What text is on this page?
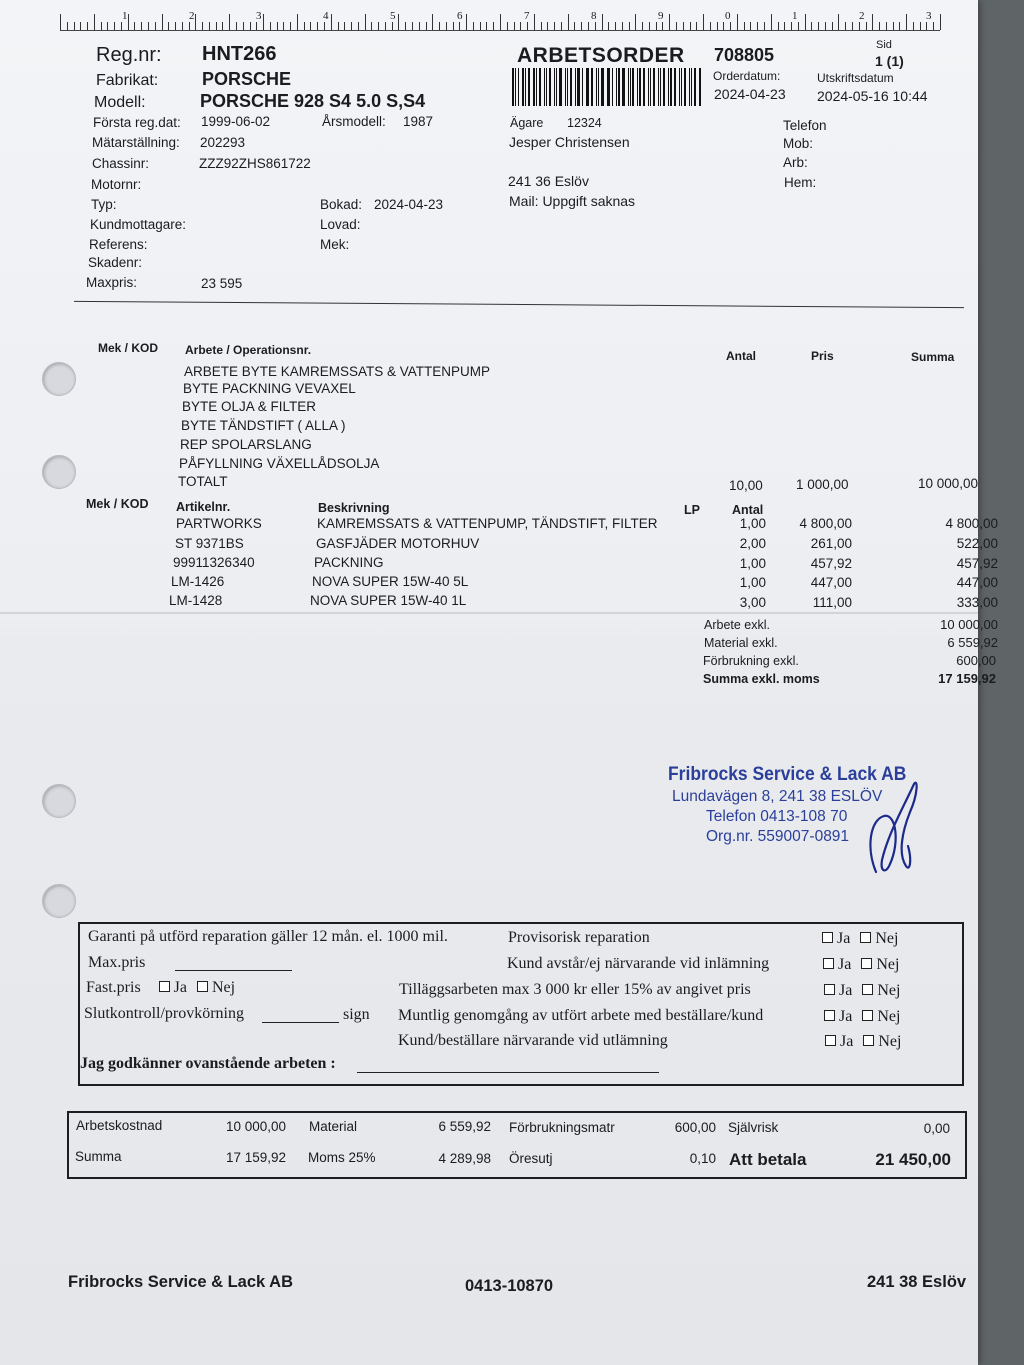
1	2	3	4	5	6	7	8	9	0	1	2	3
Reg.nr: HNT266
Fabrikat: PORSCHE
Modell:	PORSCHE 928 S4 5.0 S,S4
Första reg.dat: 1999-06-02	Årsmodell: 1987
Mätarställning: 202293
Chassinr:	ZZZ92ZHS861722
Motornr:
Typ:	Bokad: 2024-04-23
Kundmottagare:	Lovad:
Referens:	Mek:
Skadenr:
Maxpris:	23 595
ARBETSORDER 708805	Sid
1 (1)
Orderdatum:	Utskriftsdatum
2024-04-23 2024-05-16 10:44
Ägare 12324
Jesper Christensen
241 36 Eslöv
Mail: Uppgift saknas
Telefon
Mob:
Arb:
Hem:
Mek / KOD Arbete / Operationsnr.	Antal	Pris	Summa
ARBETE BYTE KAMREMSSATS & VATTENPUMP
BYTE PACKNING VEVAXEL
BYTE OLJA & FILTER
BYTE TÄNDSTIFT ( ALLA )
REP SPOLARSLANG
PÅFYLLNING VÄXELLÅDSOLJA
TOTALT	10,00 1 000,00	10 000,00
Mek / KOD Artikelnr.	Beskrivning	LP	Antal
PARTWORKS	KAMREMSSATS & VATTENPUMP, TÄNDSTIFT, FILTER	1,00	4 800,00	4 800,00
ST 9371BS	GASFJÄDER MOTORHUV	2,00	261,00	522,00
99911326340	PACKNING	1,00	457,92	457,92
LM-1426	NOVA SUPER 15W-40 5L	1,00	447,00	447,00
LM-1428	NOVA SUPER 15W-40 1L	3,00	111,00	333,00
Arbete exkl.	10 000,00
Material exkl.	6 559,92
Förbrukning exkl.	600,00
Summa exkl. moms	17 159,92
Fribrocks Service & Lack AB
Lundavägen 8, 241 38 ESLÖV
Telefon 0413-108 70
Org.nr. 559007-0891
Garanti på utförd reparation gäller 12 mån. el. 1000 mil.
Max.pris
Fast.pris Ja Nej
Slutkontroll/provkörning	sign
Jag godkänner ovanstående arbeten :
Provisorisk reparation
Kund avstår/ej närvarande vid inlämning
Tilläggsarbeten max 3 000 kr eller 15% av angivet pris
Muntlig genomgång av utfört arbete med beställare/kund
Kund/beställare närvarande vid utlämning
Ja Nej
Ja Nej
Ja Nej
Ja Nej
Ja Nej
Arbetskostnad	10 000,00 Material	6 559,92 Förbrukningsmatr	600,00 Självrisk	0,00
Summa	17 159,92 Moms 25%	4 289,98 Öresutj	0,10 Att betala	21 450,00
Fribrocks Service & Lack AB	0413-10870	241 38 Eslöv
